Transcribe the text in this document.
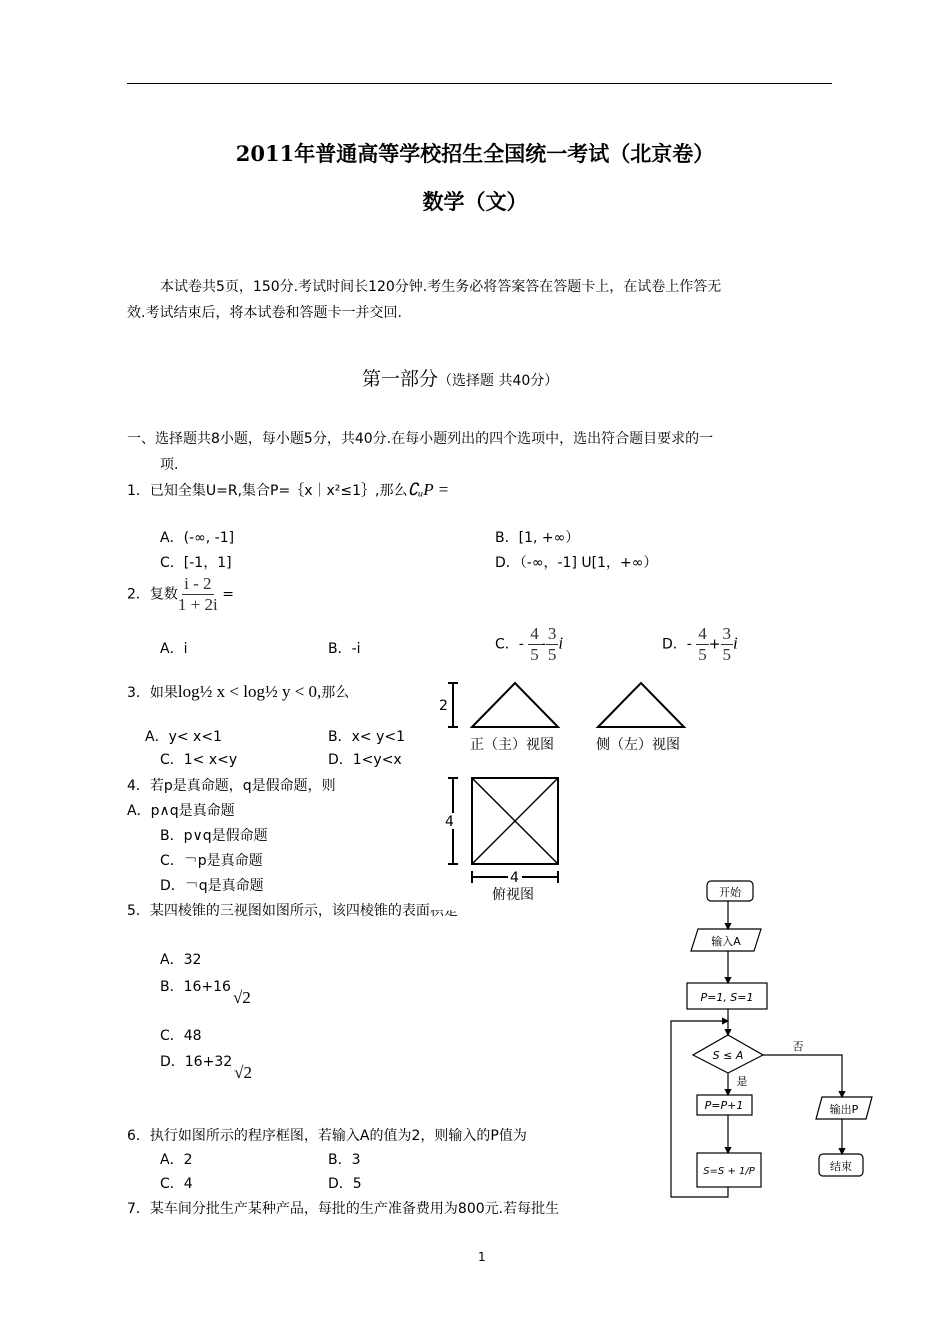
2011年普通高等学校招生全国统一考试（北京卷）
数学（文）
本试卷共5页，150分.考试时间长120分钟.考生务必将答案答在答题卡上，在试卷上作答无
效.考试结束后，将本试卷和答题卡一并交回.
第一部分（选择题 共40分）
一、选择题共8小题，每小题5分，共40分.在每小题列出的四个选项中，选出符合题目要求的一
项.
1．已知全集U=R,集合P=｛x｜x²≤1｝,那么∁ᵤP =
A．(-∞, -1]	B．[1, +∞）
C．[-1，1]	D．（-∞，-1] U[1，+∞）
2．复数 $\frac{i - 2}{1 + 2i}$ =
A．i	B．-i	C．- $\frac{4}{5} - \frac{3}{5}$ i	D．- $\frac{4}{5} + \frac{3}{5}$ i
3．如果log½ x < log½ y < 0,那么
A．y< x<1	B．x< y<1
C．1< x<y	D．1<y<x
4．若p是真命题，q是假命题，则
A．p∧q是真命题
B．p∨q是假命题
C．￢p是真命题
D．￢q是真命题
5．某四棱锥的三视图如图所示，该四棱锥的表面积是
A．32
B．16+16√2
C．48
D．16+32√2
6．执行如图所示的程序框图，若输入A的值为2，则输入的P值为
A．2	B．3
C．4	D．5
7．某车间分批生产某种产品，每批的生产准备费用为800元.若每批生
2
4
4
正（主）视图	侧（左）视图
俯视图	开始
输入A
P=1, S=1
S ≤ A
是
否
P=P+1
S=S + 1/P
输出P
结束
1
